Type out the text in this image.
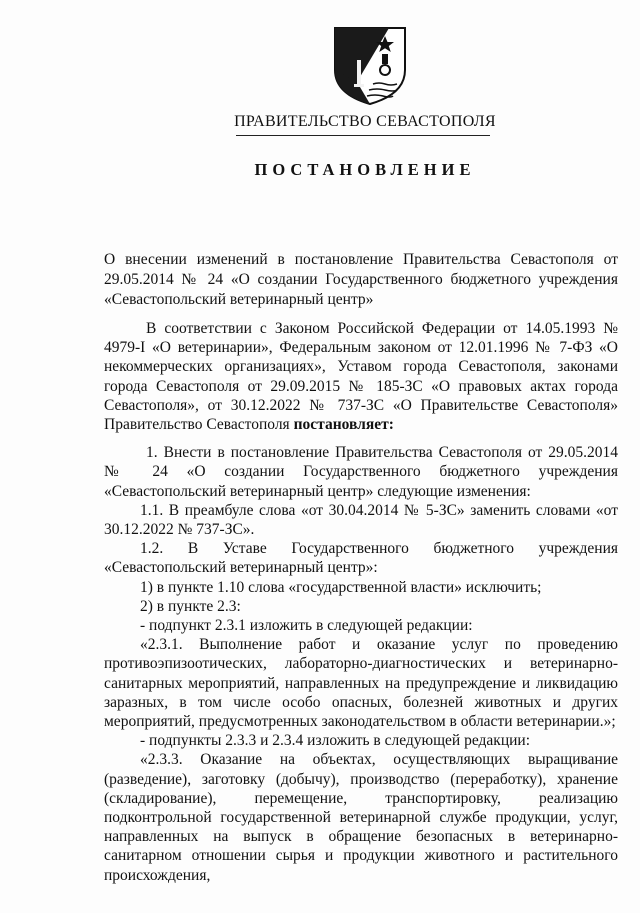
ПРАВИТЕЛЬСТВО СЕВАСТОПОЛЯ
ПОСТАНОВЛЕНИЕ
О внесении изменений в постановление Правительства Севастополя от 29.05.2014 № 24 «О создании Государственного бюджетного учреждения «Севастопольский ветеринарный центр»

В соответствии с Законом Российской Федерации от 14.05.1993 № 4979-I «О ветеринарии», Федеральным законом от 12.01.1996 № 7-ФЗ «О некоммерческих организациях», Уставом города Севастополя, законами города Севастополя от 29.09.2015 № 185-ЗС «О правовых актах города Севастополя», от 30.12.2022 № 737-ЗС «О Правительстве Севастополя» Правительство Севастополя постановляет:

1. Внести в постановление Правительства Севастополя от 29.05.2014 № 24 «О создании Государственного бюджетного учреждения «Севастопольский ветеринарный центр» следующие изменения:

1.1. В преамбуле слова «от 30.04.2014 № 5-ЗС» заменить словами «от 30.12.2022 № 737-ЗС».

1.2. В Уставе Государственного бюджетного учреждения «Севастопольский ветеринарный центр»:

1) в пункте 1.10 слова «государственной власти» исключить;

2) в пункте 2.3:

- подпункт 2.3.1 изложить в следующей редакции:

«2.3.1. Выполнение работ и оказание услуг по проведению противоэпизоотических, лабораторно-диагностических и ветеринарно-санитарных мероприятий, направленных на предупреждение и ликвидацию заразных, в том числе особо опасных, болезней животных и других мероприятий, предусмотренных законодательством в области ветеринарии.»;

- подпункты 2.3.3 и 2.3.4 изложить в следующей редакции:

«2.3.3. Оказание на объектах, осуществляющих выращивание (разведение), заготовку (добычу), производство (переработку), хранение (складирование), перемещение, транспортировку, реализацию подконтрольной государственной ветеринарной службе продукции, услуг, направленных на выпуск в обращение безопасных в ветеринарно-санитарном отношении сырья и продукции животного и растительного происхождения,
